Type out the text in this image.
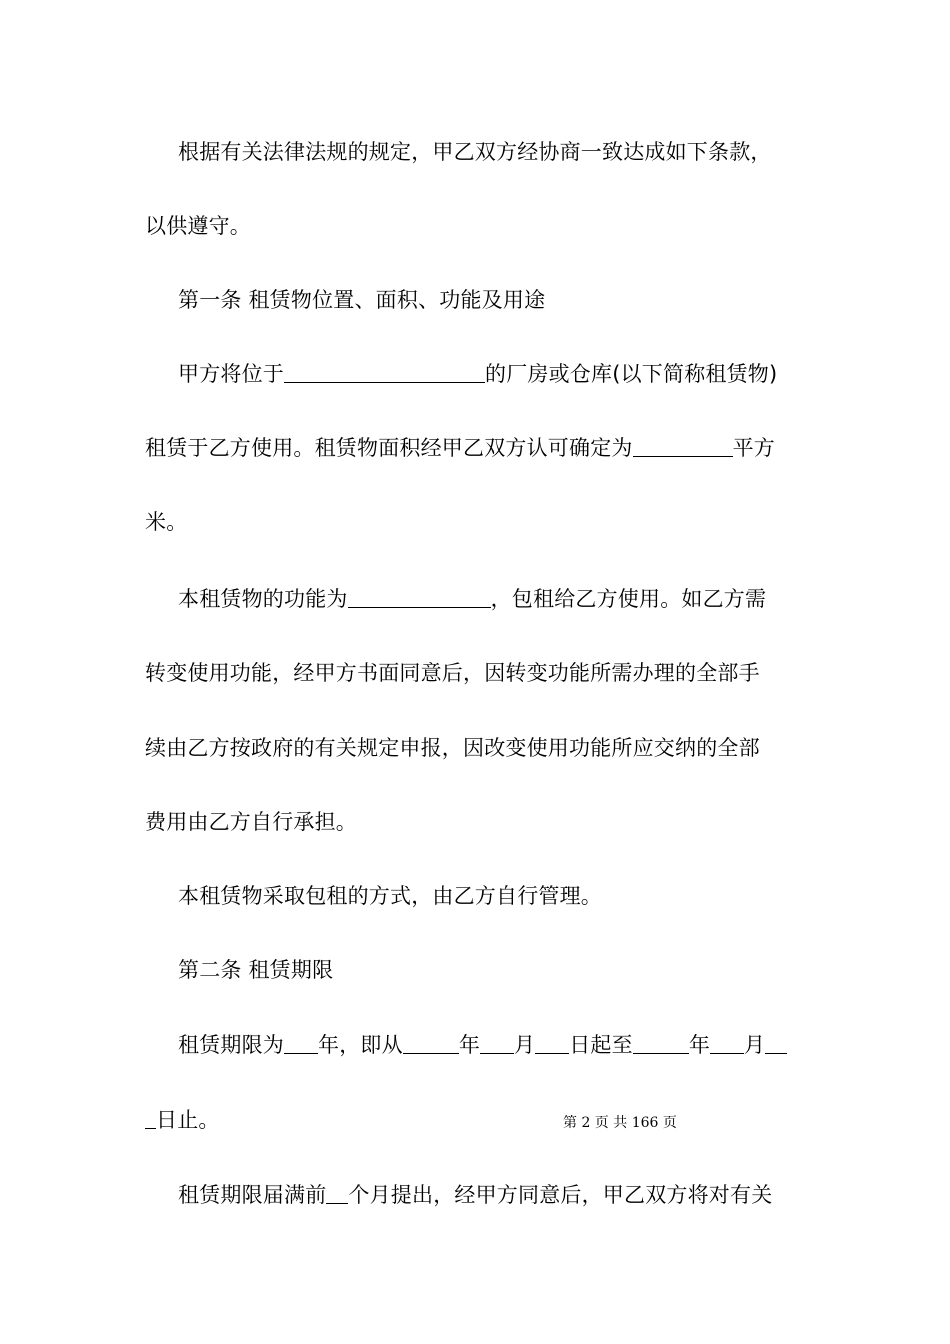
根据有关法律法规的规定，甲乙双方经协商一致达成如下条款，
以供遵守。
第一条 租赁物位置、面积、功能及用途
甲方将位于	的厂房或仓库(以下简称租赁物)
租赁于乙方使用。租赁物面积经甲乙双方认可确定为	平方
米。
本租赁物的功能为	，包租给乙方使用。如乙方需
转变使用功能，经甲方书面同意后，因转变功能所需办理的全部手
续由乙方按政府的有关规定申报，因改变使用功能所应交纳的全部
费用由乙方自行承担。
本租赁物采取包租的方式，由乙方自行管理。
第二条 租赁期限
租赁期限为 年，即从	年 月 日起至	年 月
日止。	第 2 页 共 166 页
租赁期限届满前 个月提出，经甲方同意后，甲乙双方将对有关
